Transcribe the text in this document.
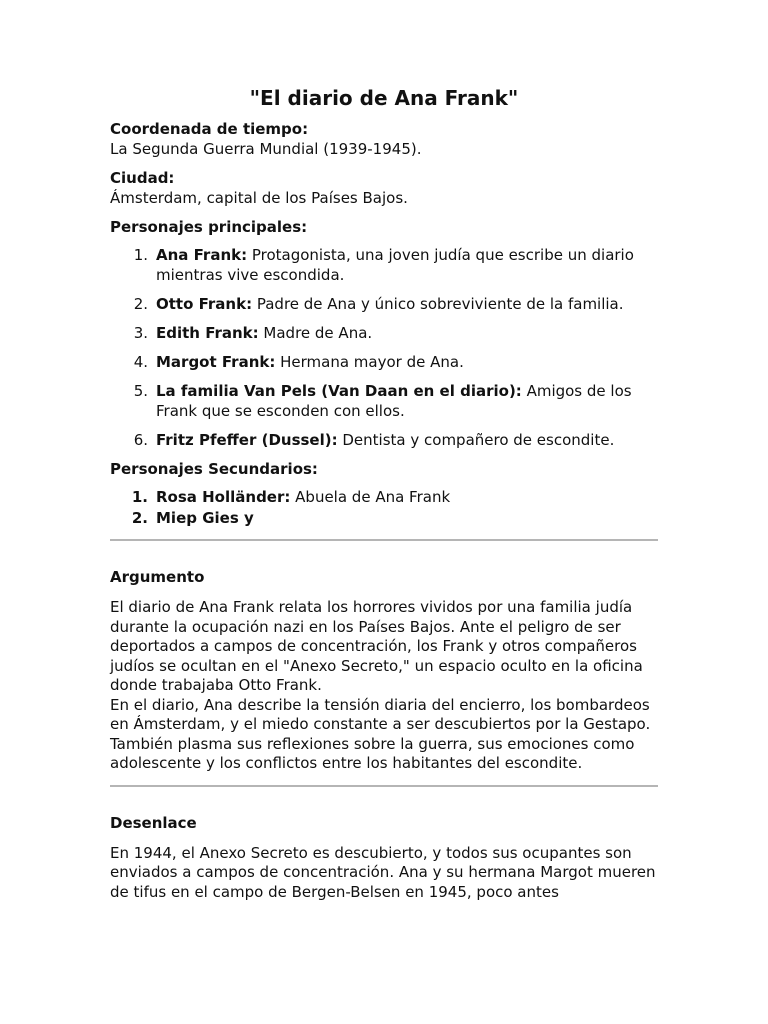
"El diario de Ana Frank"

Coordenada de tiempo:

La Segunda Guerra Mundial (1939-1945).

Ciudad:

Ámsterdam, capital de los Países Bajos.

Personajes principales:

1. Ana Frank: Protagonista, una joven judía que escribe un diario mientras vive escondida.
2. Otto Frank: Padre de Ana y único sobreviviente de la familia.
3. Edith Frank: Madre de Ana.
4. Margot Frank: Hermana mayor de Ana.
5. La familia Van Pels (Van Daan en el diario): Amigos de los Frank que se esconden con ellos.
6. Fritz Pfeffer (Dussel): Dentista y compañero de escondite.

Personajes Secundarios:

1. Rosa Holländer: Abuela de Ana Frank
2. Miep Gies y

Argumento

El diario de Ana Frank relata los horrores vividos por una familia judía durante la ocupación nazi en los Países Bajos. Ante el peligro de ser deportados a campos de concentración, los Frank y otros compañeros judíos se ocultan en el "Anexo Secreto," un espacio oculto en la oficina donde trabajaba Otto Frank.

En el diario, Ana describe la tensión diaria del encierro, los bombardeos en Ámsterdam, y el miedo constante a ser descubiertos por la Gestapo. También plasma sus reflexiones sobre la guerra, sus emociones como adolescente y los conflictos entre los habitantes del escondite.

Desenlace

En 1944, el Anexo Secreto es descubierto, y todos sus ocupantes son enviados a campos de concentración. Ana y su hermana Margot mueren de tifus en el campo de Bergen-Belsen en 1945, poco antes
